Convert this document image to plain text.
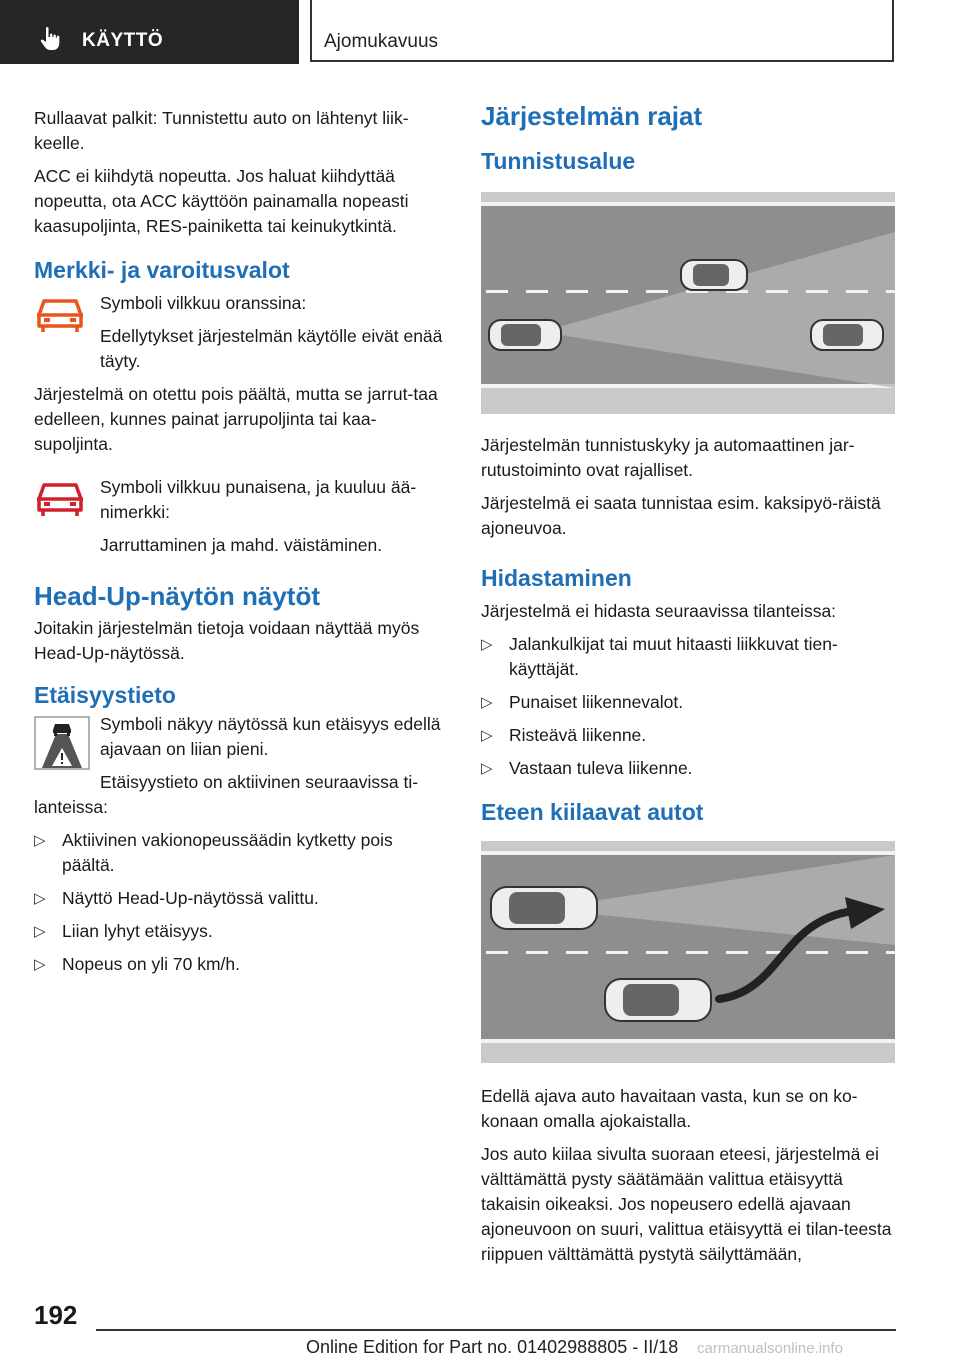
KÄYTTÖ	Ajomukavuus

Rullaavat palkit: Tunnistettu auto on lähtenyt liik-keelle.

ACC ei kiihdytä nopeutta. Jos haluat kiihdyttää nopeutta, ota ACC käyttöön painamalla nopeasti kaasupoljinta, RES-painiketta tai keinukytkintä.

Merkki- ja varoitusvalot

Symboli vilkkuu oranssina:

Edellytykset järjestelmän käytölle eivät enää täyty.

Järjestelmä on otettu pois päältä, mutta se jarrut-taa edelleen, kunnes painat jarrupoljinta tai kaa-supoljinta.

Symboli vilkkuu punaisena, ja kuuluu ää-nimerkki:

Jarruttaminen ja mahd. väistäminen.

Head-Up-näytön näytöt

Joitakin järjestelmän tietoja voidaan näyttää myös Head-Up-näytössä.

Etäisyystieto

Symboli näkyy näytössä kun etäisyys edellä ajavaan on liian pieni.

Etäisyystieto on aktiivinen seuraavissa ti-lanteissa:

▷ Aktiivinen vakionopeussäädin kytketty pois päältä.
▷ Näyttö Head-Up-näytössä valittu.
▷ Liian lyhyt etäisyys.
▷ Nopeus on yli 70 km/h.
Järjestelmän rajat
Tunnistusalue

Järjestelmän tunnistuskyky ja automaattinen jar-rutustoiminto ovat rajalliset.

Järjestelmä ei saata tunnistaa esim. kaksipyö-räistä ajoneuvoa.

Hidastaminen

Järjestelmä ei hidasta seuraavissa tilanteissa:

▷ Jalankulkijat tai muut hitaasti liikkuvat tien-käyttäjät.
▷ Punaiset liikennevalot.
▷ Risteävä liikenne.
▷ Vastaan tuleva liikenne.
Eteen kiilaavat autot

Edellä ajava auto havaitaan vasta, kun se on ko-konaan omalla ajokaistalla.

Jos auto kiilaa sivulta suoraan eteesi, järjestelmä ei välttämättä pysty säätämään valittua etäisyyttä takaisin oikeaksi. Jos nopeusero edellä ajavaan ajoneuvoon on suuri, valittua etäisyyttä ei tilan-teesta riippuen välttämättä pystytä säilyttämään,

192
Online Edition for Part no. 01402988805 - II/18 carmanualsonline.info
